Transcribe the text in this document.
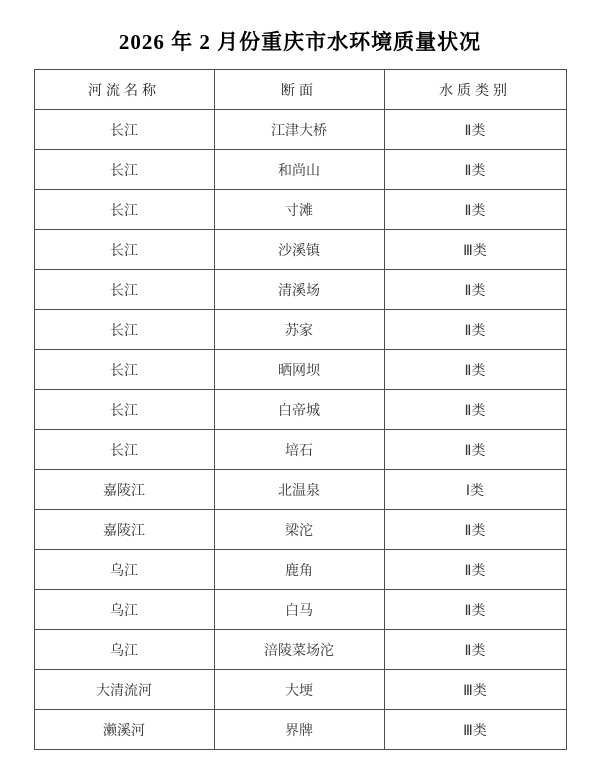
2026 年 2 月份重庆市水环境质量状况
河流名称	断面	水质类别
长江	江津大桥	Ⅱ类
长江	和尚山	Ⅱ类
长江	寸滩	Ⅱ类
长江	沙溪镇	Ⅲ类
长江	清溪场	Ⅱ类
长江	苏家	Ⅱ类
长江	晒网坝	Ⅱ类
长江	白帝城	Ⅱ类
长江	培石	Ⅱ类
嘉陵江	北温泉	Ⅰ类
嘉陵江	梁沱	Ⅱ类
乌江	鹿角	Ⅱ类
乌江	白马	Ⅱ类
乌江	涪陵菜场沱	Ⅱ类
大清流河	大埂	Ⅲ类
濑溪河	界牌	Ⅲ类
